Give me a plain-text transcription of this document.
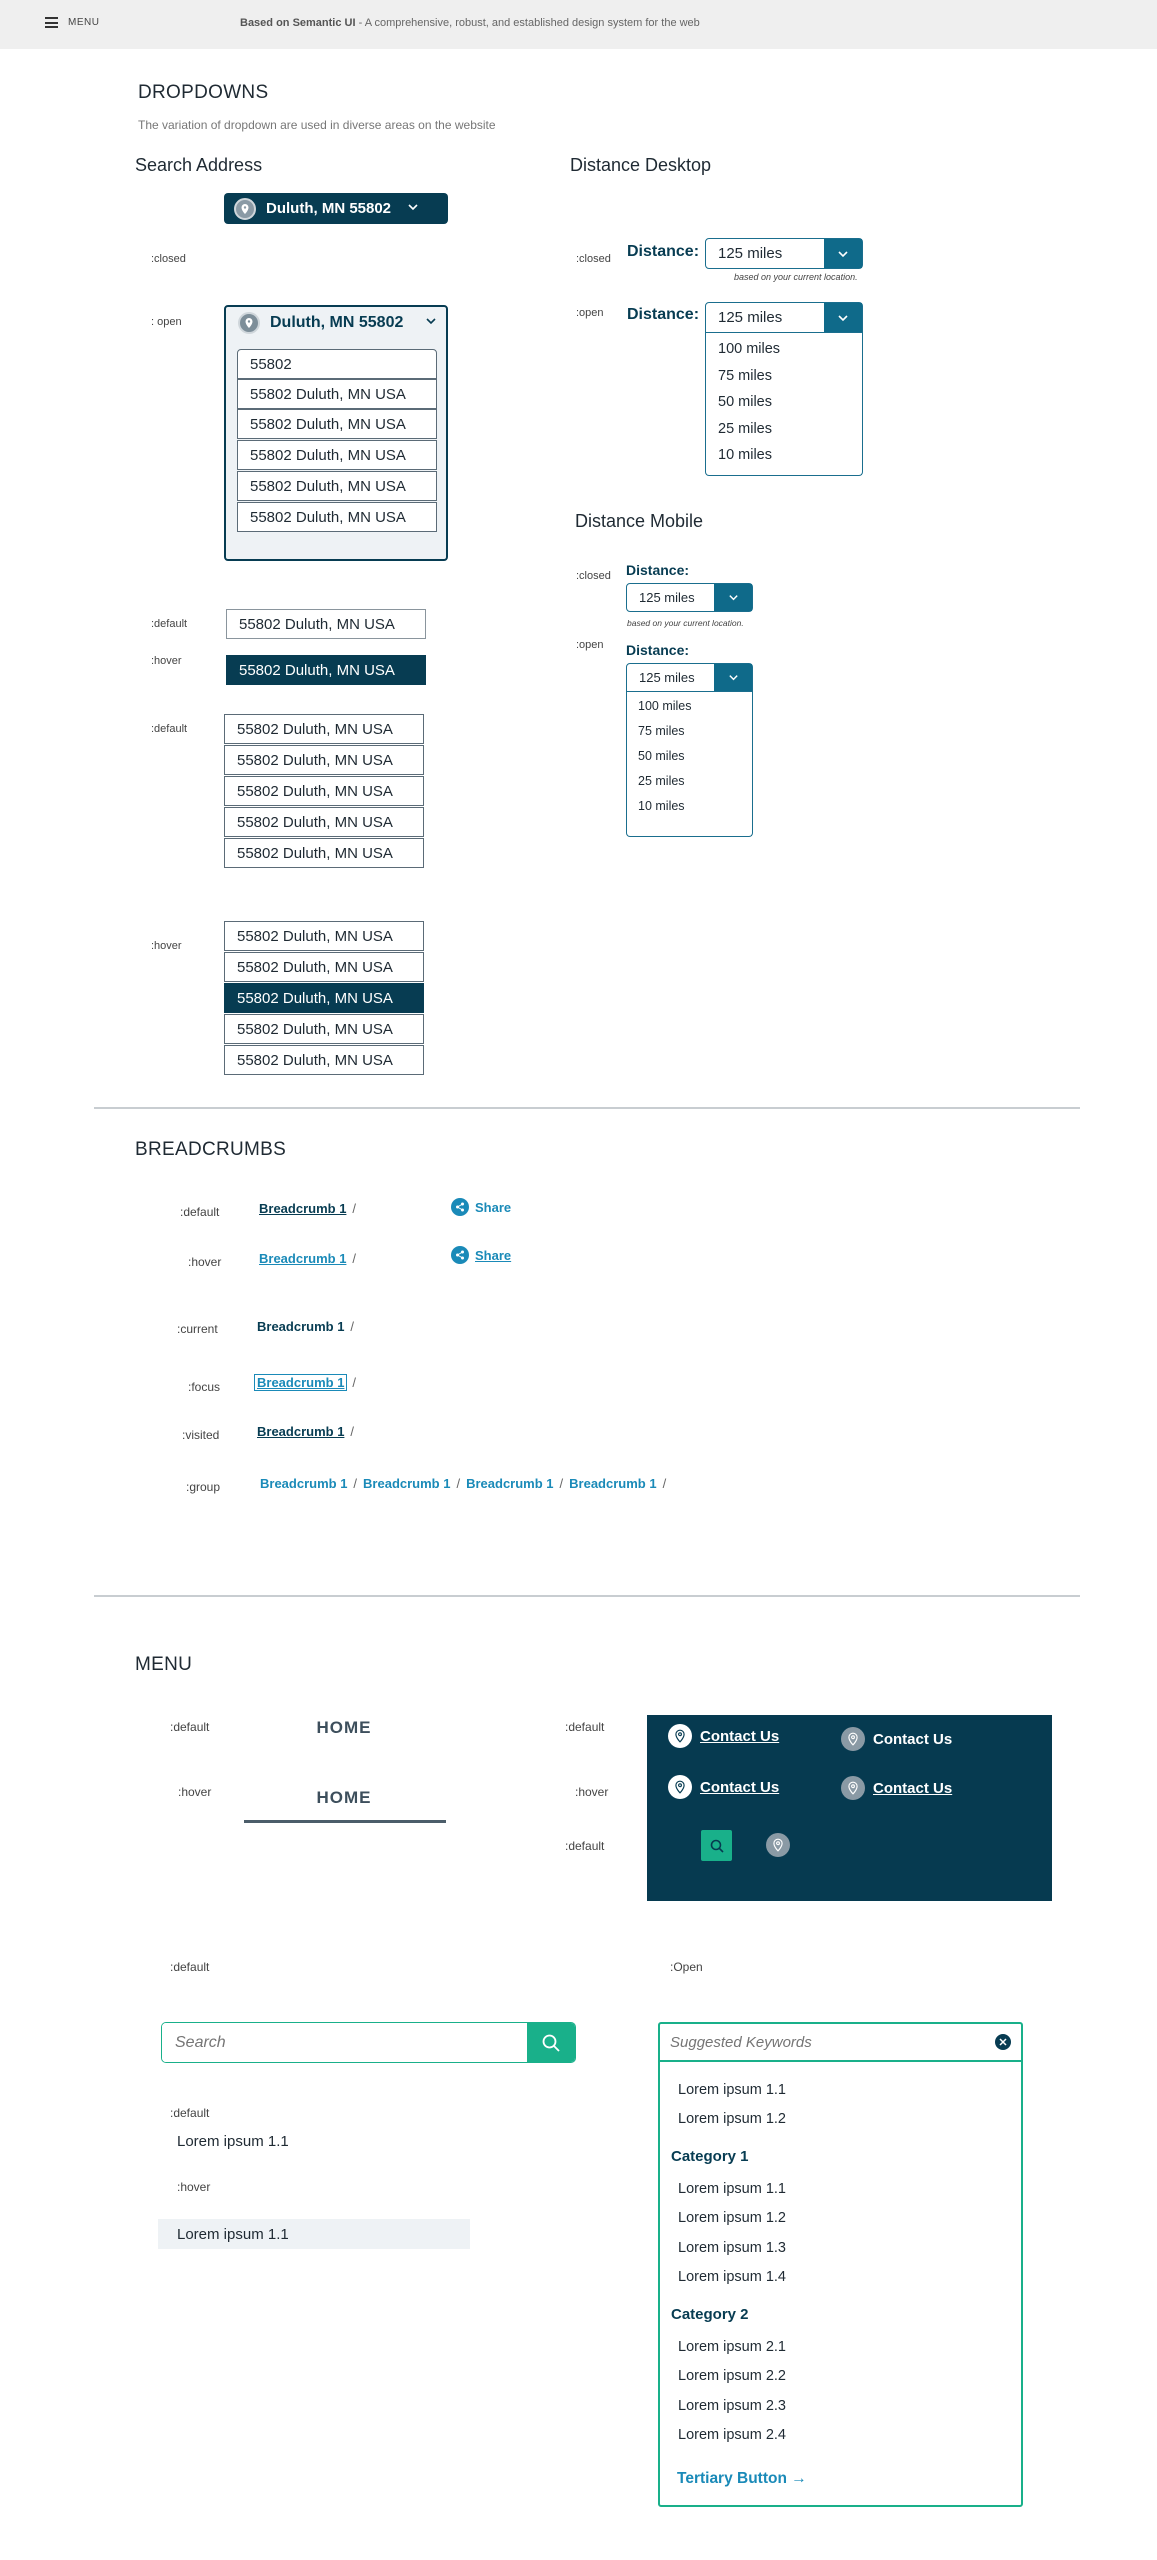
MENU	Based on Semantic UI - A comprehensive, robust, and established design system for the web
DROPDOWNS
The variation of dropdown are used in diverse areas on the website
Search Address
Duluth, MN 55802
:closed
: open	Duluth, MN 55802
55802
55802 Duluth, MN USA
55802 Duluth, MN USA
55802 Duluth, MN USA
55802 Duluth, MN USA
55802 Duluth, MN USA
:default
:hover
55802 Duluth, MN USA
55802 Duluth, MN USA
:default	55802 Duluth, MN USA
55802 Duluth, MN USA
55802 Duluth, MN USA
55802 Duluth, MN USA
55802 Duluth, MN USA
:hover
55802 Duluth, MN USA
55802 Duluth, MN USA
55802 Duluth, MN USA
55802 Duluth, MN USA
55802 Duluth, MN USA
Distance Desktop
:closed Distance:	125 miles
based on your current location.
:open Distance:	125 miles
100 miles
75 miles
50 miles
25 miles
10 miles
Distance Mobile
:closed Distance:
125 miles
based on your current location.
:open Distance:
125 miles
100 miles
75 miles
50 miles
25 miles
10 miles
BREADCRUMBS
:default	Breadcrumb 1 /	Share
:hover	Breadcrumb 1 /	Share
:current	Breadcrumb 1 /
:focus	Breadcrumb 1 /
:visited	Breadcrumb 1 /
:group	Breadcrumb 1 / Breadcrumb 1 / Breadcrumb 1 / Breadcrumb 1 /
MENU
:default	HOME
:hover	HOME
:default
:hover
:default
Contact Us	Contact Us
Contact Us	Contact Us
:default	:Open
Search
:default
Lorem ipsum 1.1
:hover
Lorem ipsum 1.1
Suggested Keywords
Lorem ipsum 1.1
Lorem ipsum 1.2
Category 1
Lorem ipsum 1.1
Lorem ipsum 1.2
Lorem ipsum 1.3
Lorem ipsum 1.4
Category 2
Lorem ipsum 2.1
Lorem ipsum 2.2
Lorem ipsum 2.3
Lorem ipsum 2.4
Tertiary Button →
